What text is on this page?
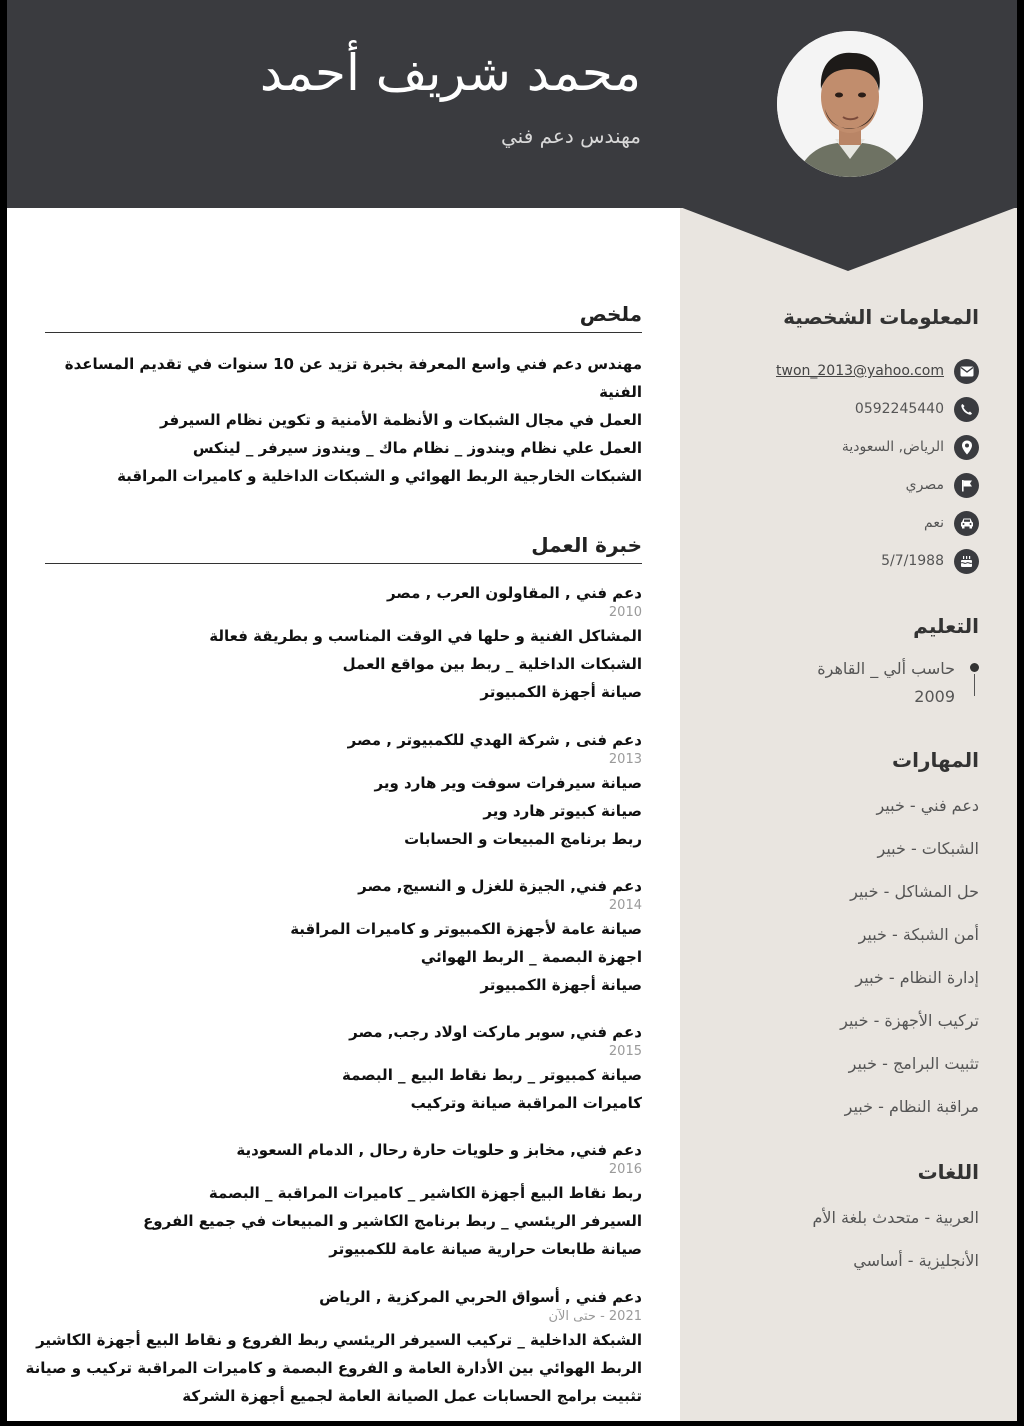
محمد شريف أحمد
مهندس دعم فني
ملخص
مهندس دعم فني واسع المعرفة بخبرة تزيد عن 10 سنوات في تقديم المساعدة الفنية
العمل في مجال الشبكات و الأنظمة الأمنية و تكوين نظام السيرفر
العمل علي نظام ويندوز _ نظام ماك _ ويندوز سيرفر _ لينكس
الشبكات الخارجية الربط الهوائي و الشبكات الداخلية و كاميرات المراقبة
خبرة العمل
دعم فني , المقاولون العرب , مصر
2010
المشاكل الفنية و حلها في الوقت المناسب و بطريقة فعالة
الشبكات الداخلية _ ربط بين مواقع العمل
صيانة أجهزة الكمبيوتر
دعم فنى , شركة الهدي للكمبيوتر , مصر
2013
صيانة سيرفرات سوفت وير هارد وير
صيانة كبيوتر هارد وير
ربط برنامج المبيعات و الحسابات
دعم فني, الجيزة للغزل و النسيج, مصر
2014
صيانة عامة لأجهزة الكمبيوتر و كاميرات المراقبة
اجهزة البصمة _ الربط الهوائي
صيانة أجهزة الكمبيوتر
دعم فني, سوبر ماركت اولاد رجب, مصر
2015
صيانة كمبيوتر _ ربط نقاط البيع _ البصمة
كاميرات المراقبة صيانة وتركيب
دعم فني, مخابز و حلويات حارة رحال , الدمام السعودية
2016
ربط نقاط البيع أجهزة الكاشير _ كاميرات المراقبة _ البصمة
السيرفر الريئسي _ ربط برنامج الكاشير و المبيعات في جميع الفروع
صيانة طابعات حرارية صيانة عامة للكمبيوتر
دعم فني , أسواق الحربي المركزية , الرياض
2021 - حتى الآن
الشبكة الداخلية _ تركيب السيرفر الريئسي ربط الفروع و نقاط البيع أجهزة الكاشير
الربط الهوائي بين الأدارة العامة و الفروع البصمة و كاميرات المراقبة تركيب و صيانة
تثبيت برامج الحسابات عمل الصيانة العامة لجميع أجهزة الشركة
المعلومات الشخصية
twon_2013@yahoo.com
0592245440
الرياض, السعودية
مصري
نعم
5/7/1988
التعليم
حاسب ألي _ القاهرة
2009
المهارات
دعم فني - خبير
الشبكات - خبير
حل المشاكل - خبير
أمن الشبكة - خبير
إدارة النظام - خبير
تركيب الأجهزة - خبير
تثبيت البرامج - خبير
مراقبة النظام - خبير
اللغات
العربية - متحدث بلغة الأم
الأنجليزية - أساسي
